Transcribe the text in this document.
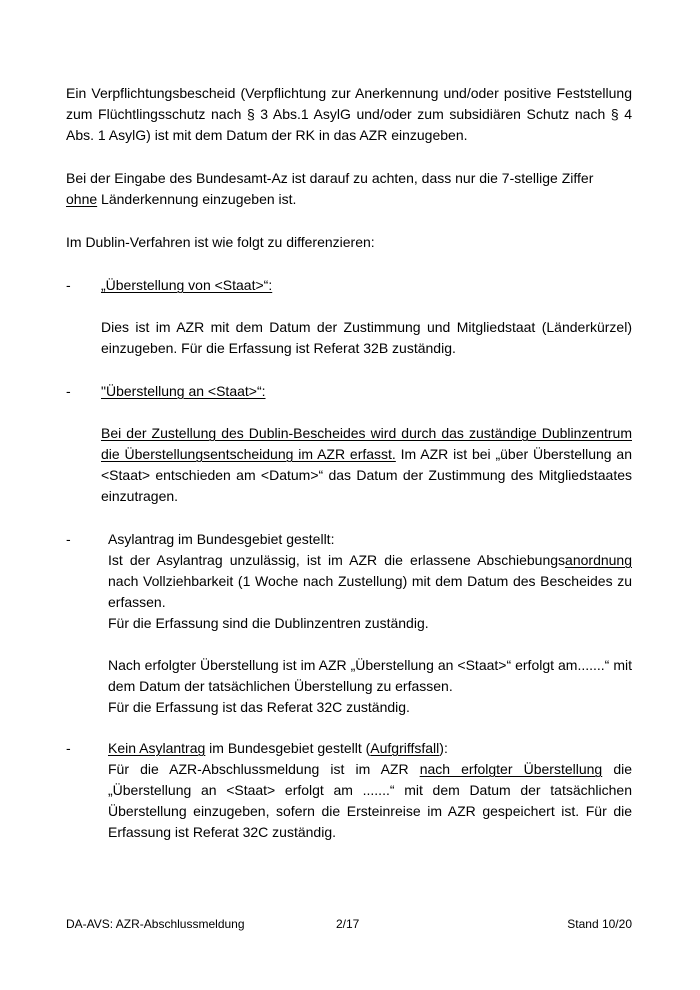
Ein Verpflichtungsbescheid (Verpflichtung zur Anerkennung und/oder positive Feststellung zum Flüchtlingsschutz nach § 3 Abs.1 AsylG und/oder zum subsidiären Schutz nach § 4 Abs. 1 AsylG) ist mit dem Datum der RK in das AZR einzugeben.

Bei der Eingabe des Bundesamt-Az ist darauf zu achten, dass nur die 7-stellige Ziffer
ohne Länderkennung einzugeben ist.

Im Dublin-Verfahren ist wie folgt zu differenzieren:

- „Überstellung von <Staat>“:

Dies ist im AZR mit dem Datum der Zustimmung und Mitgliedstaat (Länderkürzel) einzugeben. Für die Erfassung ist Referat 32B zuständig.

- "Überstellung an <Staat>“:

Bei der Zustellung des Dublin-Bescheides wird durch das zuständige Dublinzentrum die Überstellungsentscheidung im AZR erfasst. Im AZR ist bei „über Überstellung an <Staat> entschieden am <Datum>“ das Datum der Zustimmung des Mitgliedstaates einzutragen.

-	Asylantrag im Bundesgebiet gestellt:

Ist der Asylantrag unzulässig, ist im AZR die erlassene Abschiebungsanordnung nach Vollziehbarkeit (1 Woche nach Zustellung) mit dem Datum des Bescheides zu erfassen.

Für die Erfassung sind die Dublinzentren zuständig.

Nach erfolgter Überstellung ist im AZR „Überstellung an <Staat>“ erfolgt am.......“ mit dem Datum der tatsächlichen Überstellung zu erfassen.

Für die Erfassung ist das Referat 32C zuständig.

-	Kein Asylantrag im Bundesgebiet gestellt (Aufgriffsfall):

Für die AZR-Abschlussmeldung ist im AZR nach erfolgter Überstellung die „Überstellung an <Staat> erfolgt am .......“ mit dem Datum der tatsächlichen Überstellung einzugeben, sofern die Ersteinreise im AZR gespeichert ist. Für die Erfassung ist Referat 32C zuständig.

DA-AVS: AZR-Abschlussmeldung	2/17	Stand 10/20
